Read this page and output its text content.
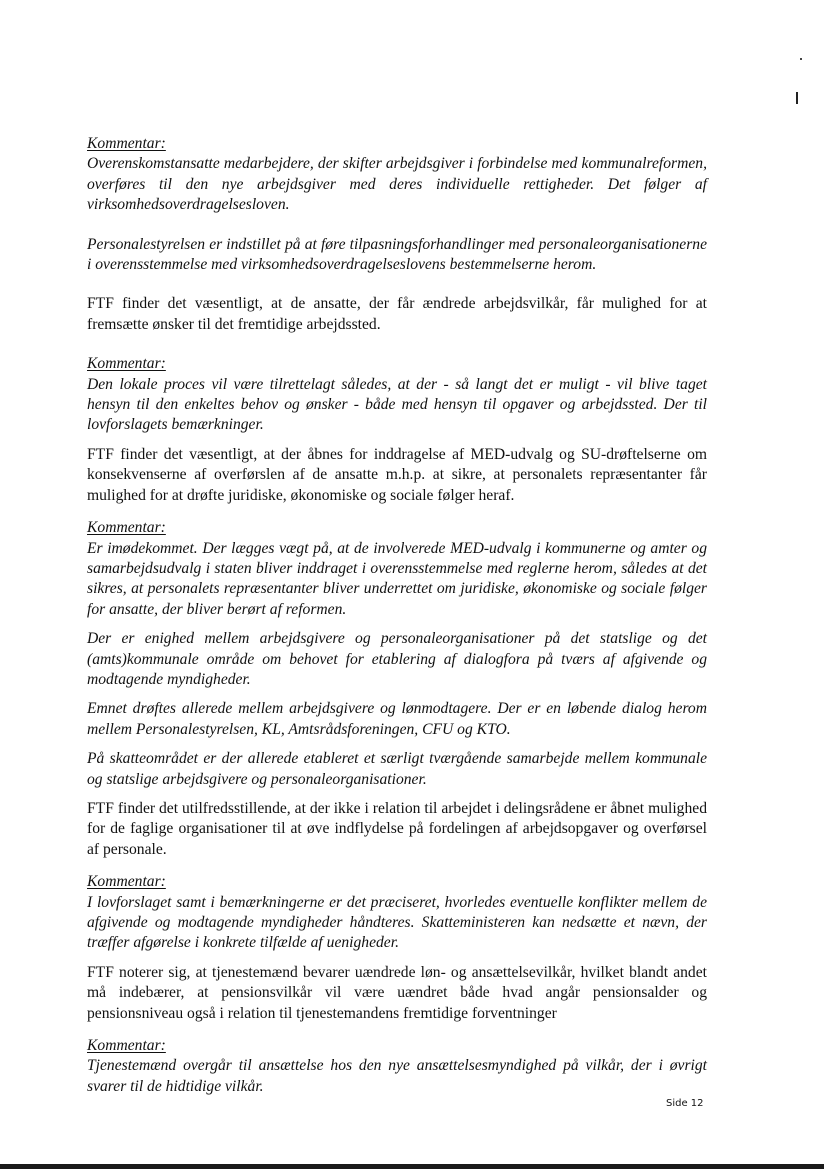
Kommentar:

Overenskomstansatte medarbejdere, der skifter arbejdsgiver i forbindelse med kommunalreformen, overføres til den nye arbejdsgiver med deres individuelle rettigheder. Det følger af virksomhedsoverdragelsesloven.

Personalestyrelsen er indstillet på at føre tilpasningsforhandlinger med personaleorganisationerne i overensstemmelse med virksomhedsoverdragelseslovens bestemmelserne herom.

FTF finder det væsentligt, at de ansatte, der får ændrede arbejdsvilkår, får mulighed for at fremsætte ønsker til det fremtidige arbejdssted.

Kommentar:

Den lokale proces vil være tilrettelagt således, at der - så langt det er muligt - vil blive taget hensyn til den enkeltes behov og ønsker - både med hensyn til opgaver og arbejdssted. Der til lovforslagets bemærkninger.

FTF finder det væsentligt, at der åbnes for inddragelse af MED-udvalg og SU-drøftelserne om konsekvenserne af overførslen af de ansatte m.h.p. at sikre, at personalets repræsentanter får mulighed for at drøfte juridiske, økonomiske og sociale følger heraf.

Kommentar:

Er imødekommet. Der lægges vægt på, at de involverede MED-udvalg i kommunerne og amter og samarbejdsudvalg i staten bliver inddraget i overensstemmelse med reglerne herom, således at det sikres, at personalets repræsentanter bliver underrettet om juridiske, økonomiske og sociale følger for ansatte, der bliver berørt af reformen.

Der er enighed mellem arbejdsgivere og personaleorganisationer på det statslige og det (amts)kommunale område om behovet for etablering af dialogfora på tværs af afgivende og modtagende myndigheder.

Emnet drøftes allerede mellem arbejdsgivere og lønmodtagere. Der er en løbende dialog herom mellem Personalestyrelsen, KL, Amtsrådsforeningen, CFU og KTO.

På skatteområdet er der allerede etableret et særligt tværgående samarbejde mellem kommunale og statslige arbejdsgivere og personaleorganisationer.

FTF finder det utilfredsstillende, at der ikke i relation til arbejdet i delingsrådene er åbnet mulighed for de faglige organisationer til at øve indflydelse på fordelingen af arbejdsopgaver og overførsel af personale.

Kommentar:

I lovforslaget samt i bemærkningerne er det præciseret, hvorledes eventuelle konflikter mellem de afgivende og modtagende myndigheder håndteres. Skatteministeren kan nedsætte et nævn, der træffer afgørelse i konkrete tilfælde af uenigheder.

FTF noterer sig, at tjenestemænd bevarer uændrede løn- og ansættelsevilkår, hvilket blandt andet må indebærer, at pensionsvilkår vil være uændret både hvad angår pensionsalder og pensionsniveau også i relation til tjenestemandens fremtidige forventninger

Kommentar:

Tjenestemænd overgår til ansættelse hos den nye ansættelsesmyndighed på vilkår, der i øvrigt svarer til de hidtidige vilkår.

Side 12
